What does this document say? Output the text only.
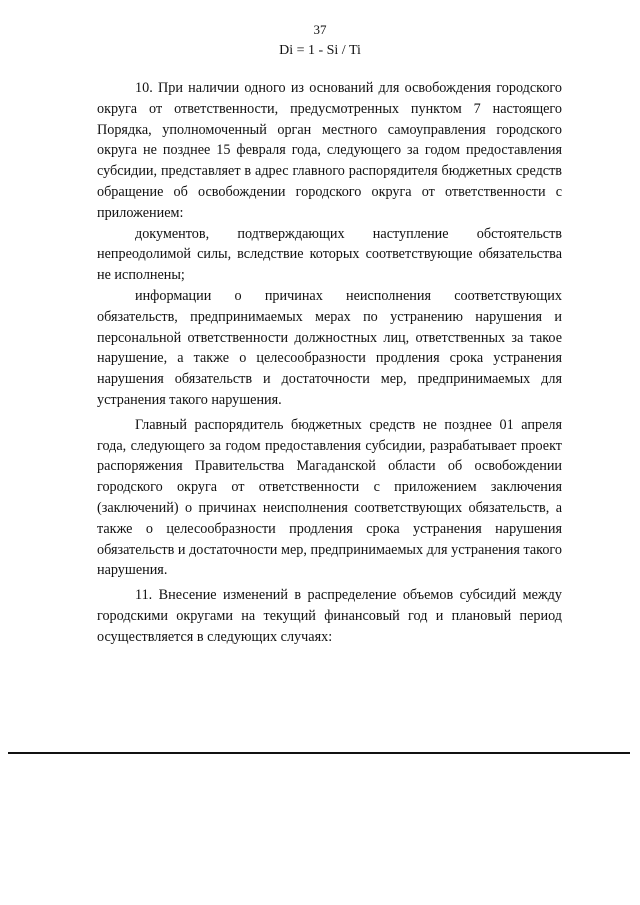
37
Di = 1 - Si / Ti

10. При наличии одного из оснований для освобождения городского округа от ответственности, предусмотренных пунктом 7 настоящего Порядка, уполномоченный орган местного самоуправления городского округа не позднее 15 февраля года, следующего за годом предоставления субсидии, представляет в адрес главного распорядителя бюджетных средств обращение об освобождении городского округа от ответственности с приложением:

документов, подтверждающих наступление обстоятельств непреодолимой силы, вследствие которых соответствующие обязательства не исполнены;

информации о причинах неисполнения соответствующих обязательств, предпринимаемых мерах по устранению нарушения и персональной ответственности должностных лиц, ответственных за такое нарушение, а также о целесообразности продления срока устранения нарушения обязательств и достаточности мер, предпринимаемых для устранения такого нарушения.

Главный распорядитель бюджетных средств не позднее 01 апреля года, следующего за годом предоставления субсидии, разрабатывает проект распоряжения Правительства Магаданской области об освобождении городского округа от ответственности с приложением заключения (заключений) о причинах неисполнения соответствующих обязательств, а также о целесообразности продления срока устранения нарушения обязательств и достаточности мер, предпринимаемых для устранения такого нарушения.

11. Внесение изменений в распределение объемов субсидий между городскими округами на текущий финансовый год и плановый период осуществляется в следующих случаях:
